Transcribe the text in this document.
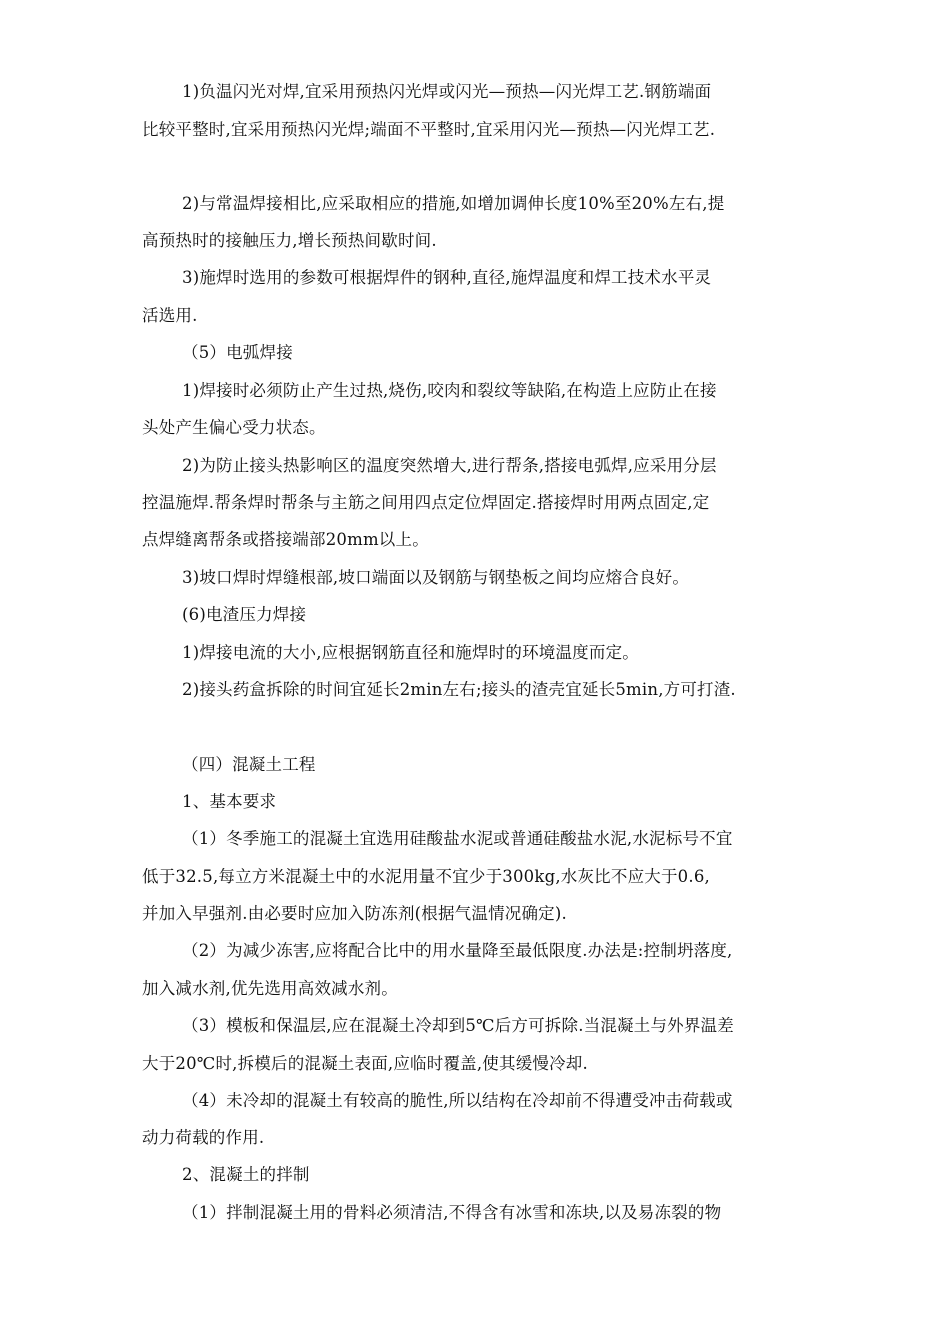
1)负温闪光对焊,宜采用预热闪光焊或闪光—预热—闪光焊工艺.钢筋端面
比较平整时,宜采用预热闪光焊;端面不平整时,宜采用闪光—预热—闪光焊工艺.
2)与常温焊接相比,应采取相应的措施,如增加调伸长度10%至20%左右,提
高预热时的接触压力,增长预热间歇时间.
3)施焊时选用的参数可根据焊件的钢种,直径,施焊温度和焊工技术水平灵
活选用.
（5）电弧焊接
1)焊接时必须防止产生过热,烧伤,咬肉和裂纹等缺陷,在构造上应防止在接
头处产生偏心受力状态。
2)为防止接头热影响区的温度突然增大,进行帮条,搭接电弧焊,应采用分层
控温施焊.帮条焊时帮条与主筋之间用四点定位焊固定.搭接焊时用两点固定,定
点焊缝离帮条或搭接端部20mm以上。
3)坡口焊时焊缝根部,坡口端面以及钢筋与钢垫板之间均应熔合良好。
(6)电渣压力焊接
1)焊接电流的大小,应根据钢筋直径和施焊时的环境温度而定。
2)接头药盒拆除的时间宜延长2min左右;接头的渣壳宜延长5min,方可打渣.
（四）混凝土工程
1、基本要求
（1）冬季施工的混凝土宜选用硅酸盐水泥或普通硅酸盐水泥,水泥标号不宜
低于32.5,每立方米混凝土中的水泥用量不宜少于300kg,水灰比不应大于0.6,
并加入早强剂.由必要时应加入防冻剂(根据气温情况确定).
（2）为减少冻害,应将配合比中的用水量降至最低限度.办法是:控制坍落度,
加入减水剂,优先选用高效减水剂。
（3）模板和保温层,应在混凝土冷却到5℃后方可拆除.当混凝土与外界温差
大于20℃时,拆模后的混凝土表面,应临时覆盖,使其缓慢冷却.
（4）未冷却的混凝土有较高的脆性,所以结构在冷却前不得遭受冲击荷载或
动力荷载的作用.
2、混凝土的拌制
（1）拌制混凝土用的骨料必须清洁,不得含有冰雪和冻块,以及易冻裂的物
